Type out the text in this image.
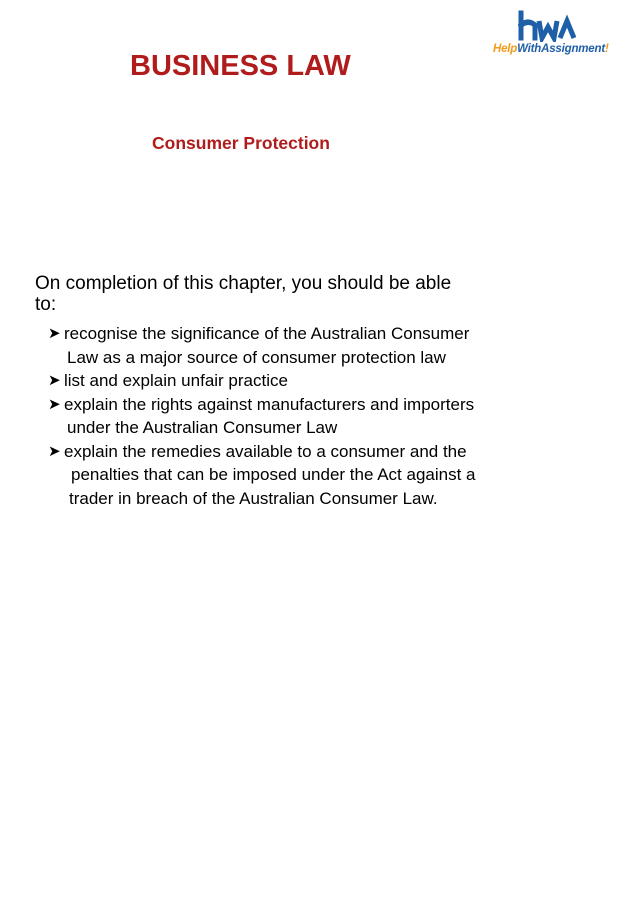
HelpWithAssignment!
BUSINESS LAW
Consumer Protection

On completion of this chapter, you should be able
to:

➤ recognise the significance of the Australian Consumer
Law as a major source of consumer protection law
➤ list and explain unfair practice
➤ explain the rights against manufacturers and importers
under the Australian Consumer Law
➤ explain the remedies available to a consumer and the
penalties that can be imposed under the Act against a
trader in breach of the Australian Consumer Law.
